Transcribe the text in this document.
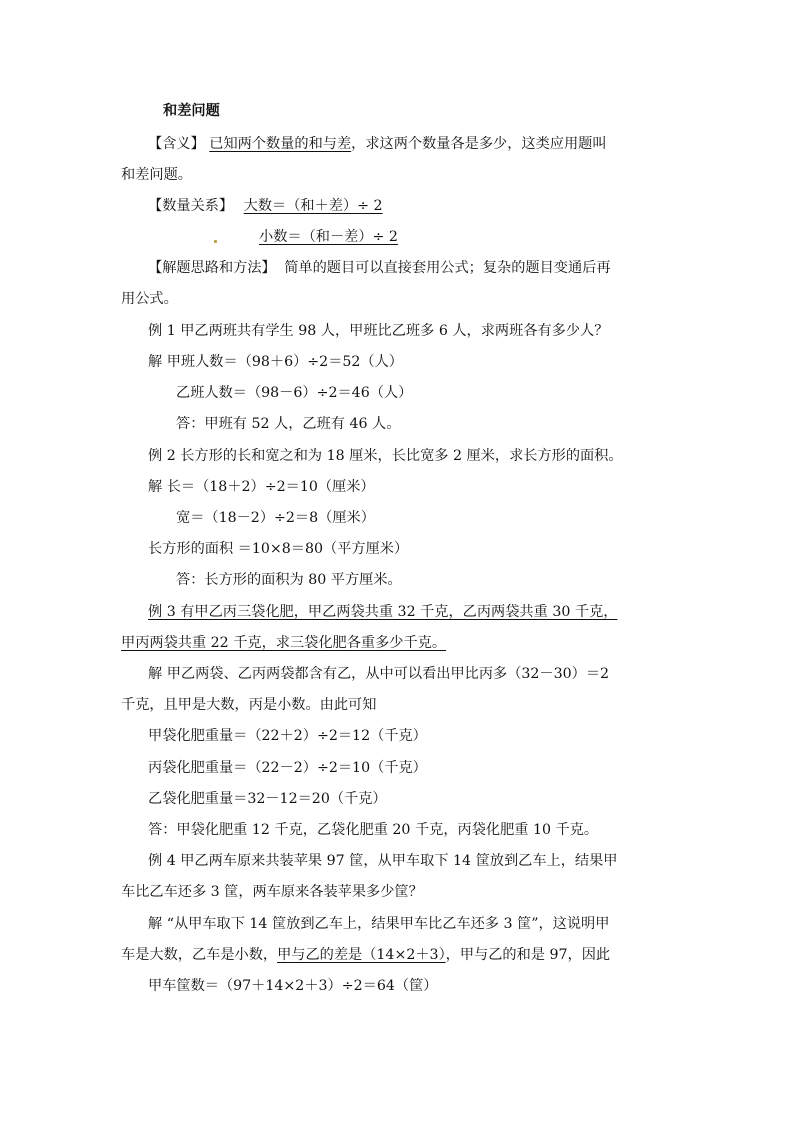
和差问题
【含义】 已知两个数量的和与差，求这两个数量各是多少，这类应用题叫
和差问题。
【数量关系】 大数＝（和＋差）÷ 2
小数＝（和－差）÷ 2
【解题思路和方法】 简单的题目可以直接套用公式；复杂的题目变通后再
用公式。
例 1 甲乙两班共有学生 98 人，甲班比乙班多 6 人，求两班各有多少人？
解 甲班人数＝（98＋6）÷2＝52（人）
乙班人数＝（98－6）÷2＝46（人）
答：甲班有 52 人，乙班有 46 人。
例 2 长方形的长和宽之和为 18 厘米，长比宽多 2 厘米，求长方形的面积。
解 长＝（18＋2）÷2＝10（厘米）
宽＝（18－2）÷2＝8（厘米）
长方形的面积 ＝10×8＝80（平方厘米）
答：长方形的面积为 80 平方厘米。
例 3 有甲乙丙三袋化肥，甲乙两袋共重 32 千克，乙丙两袋共重 30 千克，
甲丙两袋共重 22 千克，求三袋化肥各重多少千克。
解 甲乙两袋、乙丙两袋都含有乙，从中可以看出甲比丙多（32－30）＝2
千克，且甲是大数，丙是小数。由此可知
甲袋化肥重量＝（22＋2）÷2＝12（千克）
丙袋化肥重量＝（22－2）÷2＝10（千克）
乙袋化肥重量＝32－12＝20（千克）
答：甲袋化肥重 12 千克，乙袋化肥重 20 千克，丙袋化肥重 10 千克。
例 4 甲乙两车原来共装苹果 97 筐，从甲车取下 14 筐放到乙车上，结果甲
车比乙车还多 3 筐，两车原来各装苹果多少筐？
解 “从甲车取下 14 筐放到乙车上，结果甲车比乙车还多 3 筐”，这说明甲
车是大数，乙车是小数，甲与乙的差是（14×2＋3），甲与乙的和是 97，因此
甲车筐数＝（97＋14×2＋3）÷2＝64（筐）
